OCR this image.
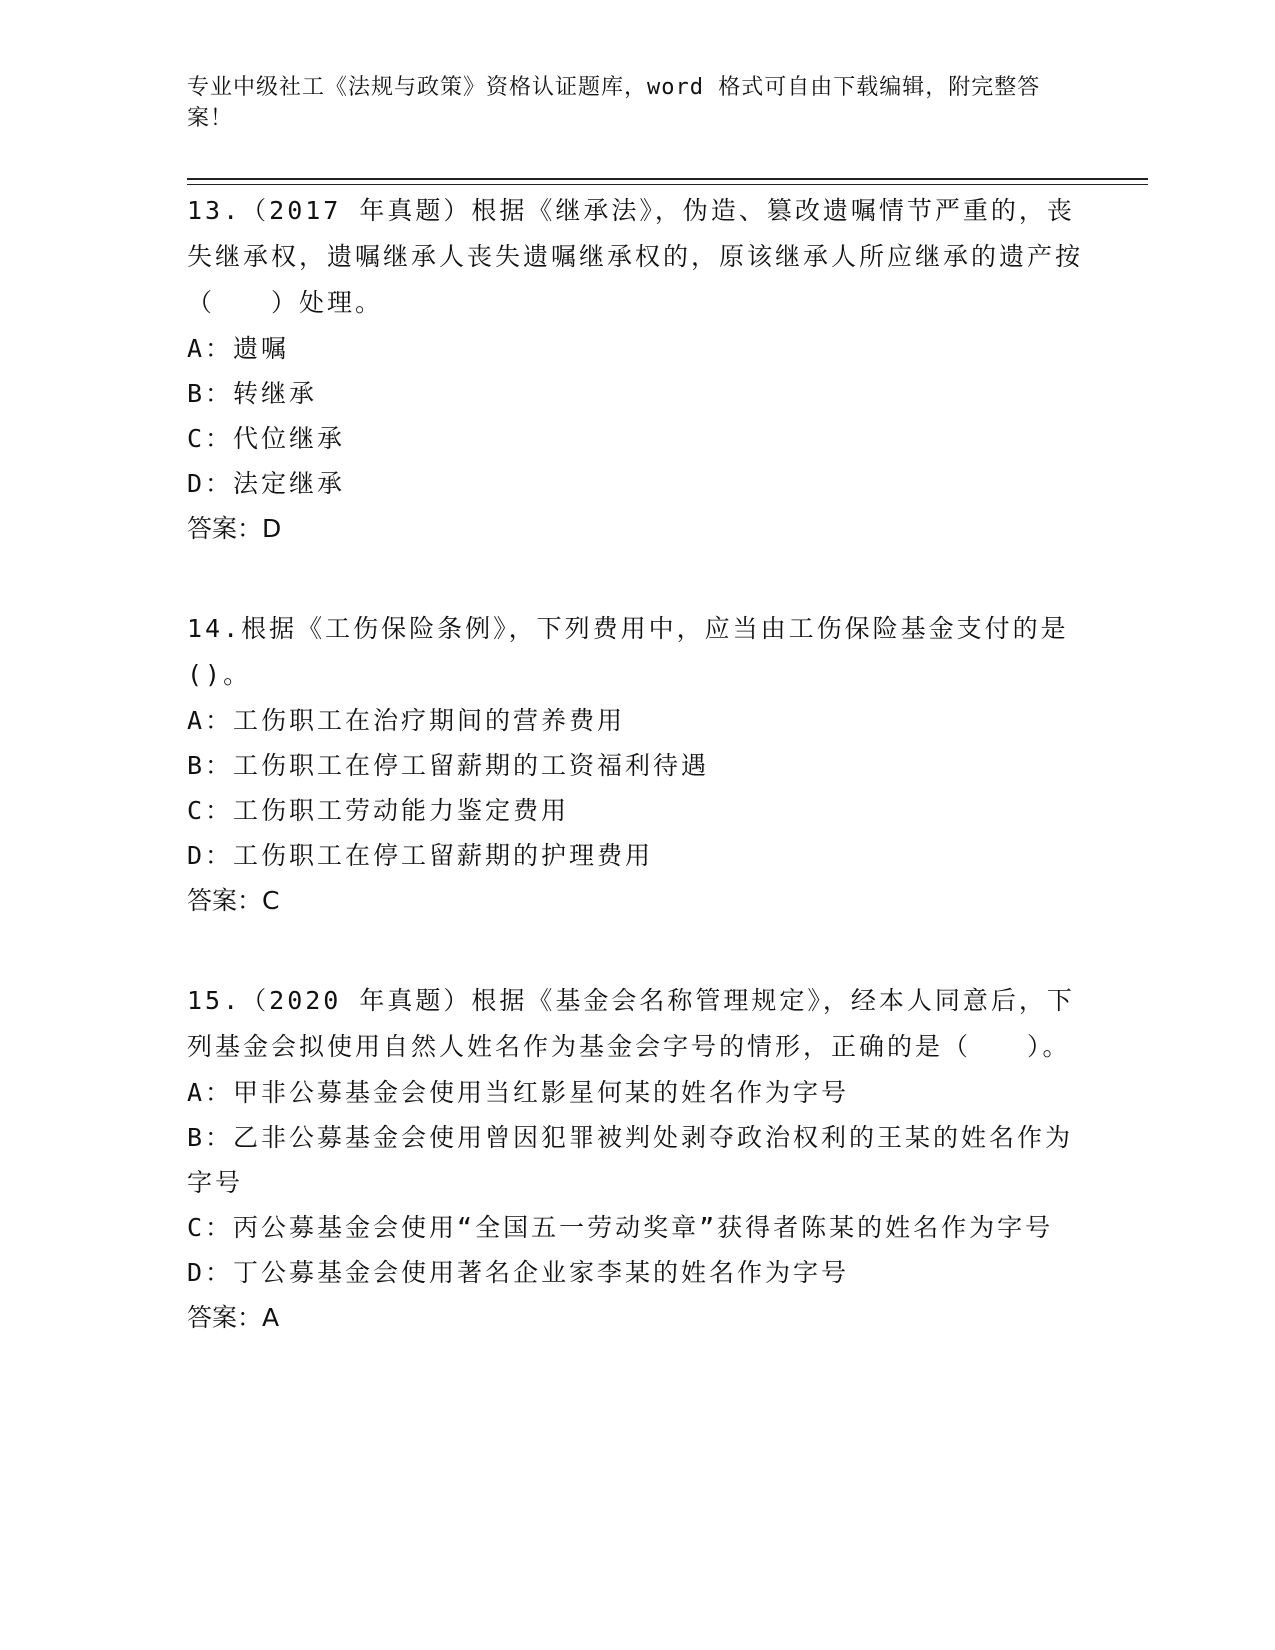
专业中级社工《法规与政策》资格认证题库，word 格式可自由下载编辑，附完整答案！

13.（2017 年真题）根据《继承法》，伪造、篡改遗嘱情节严重的，丧失继承权，遗嘱继承人丧失遗嘱继承权的，原该继承人所应继承的遗产按（　　）处理。

A：遗嘱

B：转继承

C：代位继承

D：法定继承

答案：D

14.根据《工伤保险条例》，下列费用中，应当由工伤保险基金支付的是()。

A：工伤职工在治疗期间的营养费用

B：工伤职工在停工留薪期的工资福利待遇

C：工伤职工劳动能力鉴定费用

D：工伤职工在停工留薪期的护理费用

答案：C

15.（2020 年真题）根据《基金会名称管理规定》，经本人同意后，下列基金会拟使用自然人姓名作为基金会字号的情形，正确的是（　　）。

A：甲非公募基金会使用当红影星何某的姓名作为字号

B：乙非公募基金会使用曾因犯罪被判处剥夺政治权利的王某的姓名作为字号

C：丙公募基金会使用“全国五一劳动奖章”获得者陈某的姓名作为字号

D：丁公募基金会使用著名企业家李某的姓名作为字号

答案：A
